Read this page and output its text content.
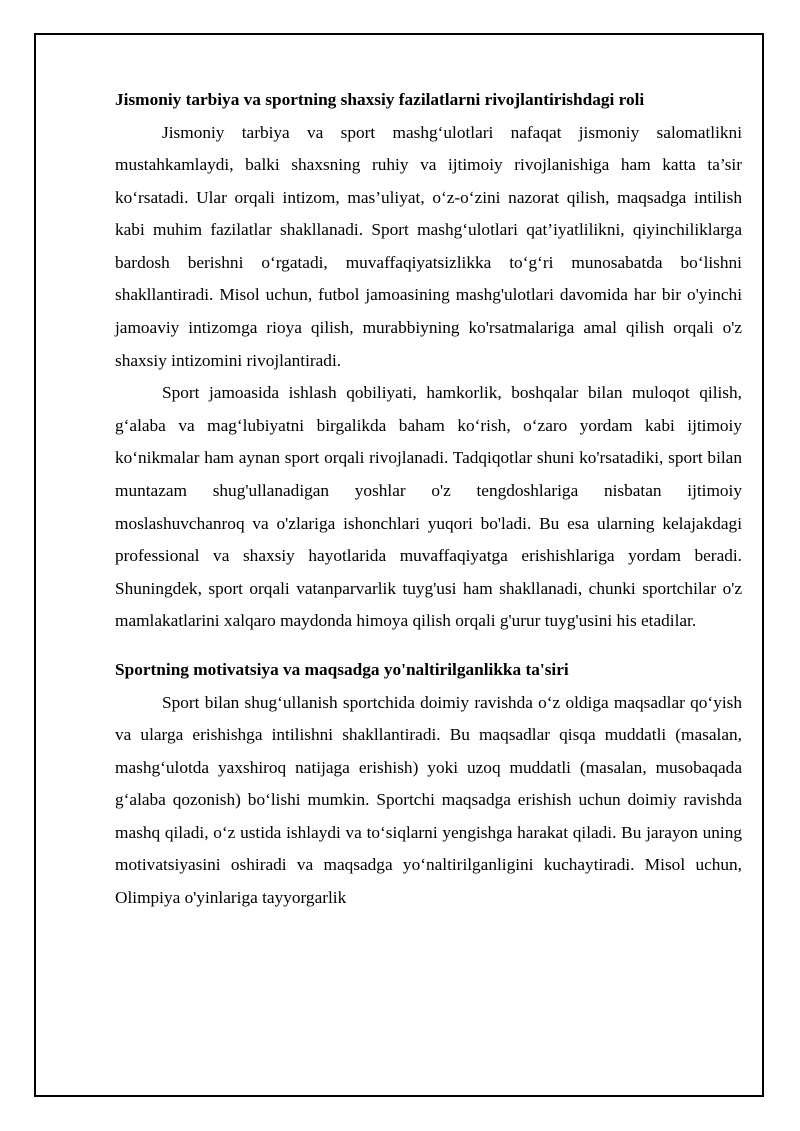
Jismoniy tarbiya va sportning shaxsiy fazilatlarni rivojlantirishdagi roli

Jismoniy tarbiya va sport mashg‘ulotlari nafaqat jismoniy salomatlikni mustahkamlaydi, balki shaxsning ruhiy va ijtimoiy rivojlanishiga ham katta ta’sir ko‘rsatadi. Ular orqali intizom, mas’uliyat, o‘z-o‘zini nazorat qilish, maqsadga intilish kabi muhim fazilatlar shakllanadi. Sport mashg‘ulotlari qat’iyatlilikni, qiyinchiliklarga bardosh berishni o‘rgatadi, muvaffaqiyatsizlikka to‘g‘ri munosabatda bo‘lishni shakllantiradi. Misol uchun, futbol jamoasining mashg'ulotlari davomida har bir o'yinchi jamoaviy intizomga rioya qilish, murabbiyning ko'rsatmalariga amal qilish orqali o'z shaxsiy intizomini rivojlantiradi.

Sport jamoasida ishlash qobiliyati, hamkorlik, boshqalar bilan muloqot qilish, g‘alaba va mag‘lubiyatni birgalikda baham ko‘rish, o‘zaro yordam kabi ijtimoiy ko‘nikmalar ham aynan sport orqali rivojlanadi. Tadqiqotlar shuni ko'rsatadiki, sport bilan muntazam shug'ullanadigan yoshlar o'z tengdoshlariga nisbatan ijtimoiy moslashuvchanroq va o'zlariga ishonchlari yuqori bo'ladi. Bu esa ularning kelajakdagi professional va shaxsiy hayotlarida muvaffaqiyatga erishishlariga yordam beradi. Shuningdek, sport orqali vatanparvarlik tuyg'usi ham shakllanadi, chunki sportchilar o'z mamlakatlarini xalqaro maydonda himoya qilish orqali g'urur tuyg'usini his etadilar.

Sportning motivatsiya va maqsadga yo'naltirilganlikka ta'siri

Sport bilan shug‘ullanish sportchida doimiy ravishda o‘z oldiga maqsadlar qo‘yish va ularga erishishga intilishni shakllantiradi. Bu maqsadlar qisqa muddatli (masalan, mashg‘ulotda yaxshiroq natijaga erishish) yoki uzoq muddatli (masalan, musobaqada g‘alaba qozonish) bo‘lishi mumkin. Sportchi maqsadga erishish uchun doimiy ravishda mashq qiladi, o‘z ustida ishlaydi va to‘siqlarni yengishga harakat qiladi. Bu jarayon uning motivatsiyasini oshiradi va maqsadga yo‘naltirilganligini kuchaytiradi. Misol uchun, Olimpiya o'yinlariga tayyorgarlik
